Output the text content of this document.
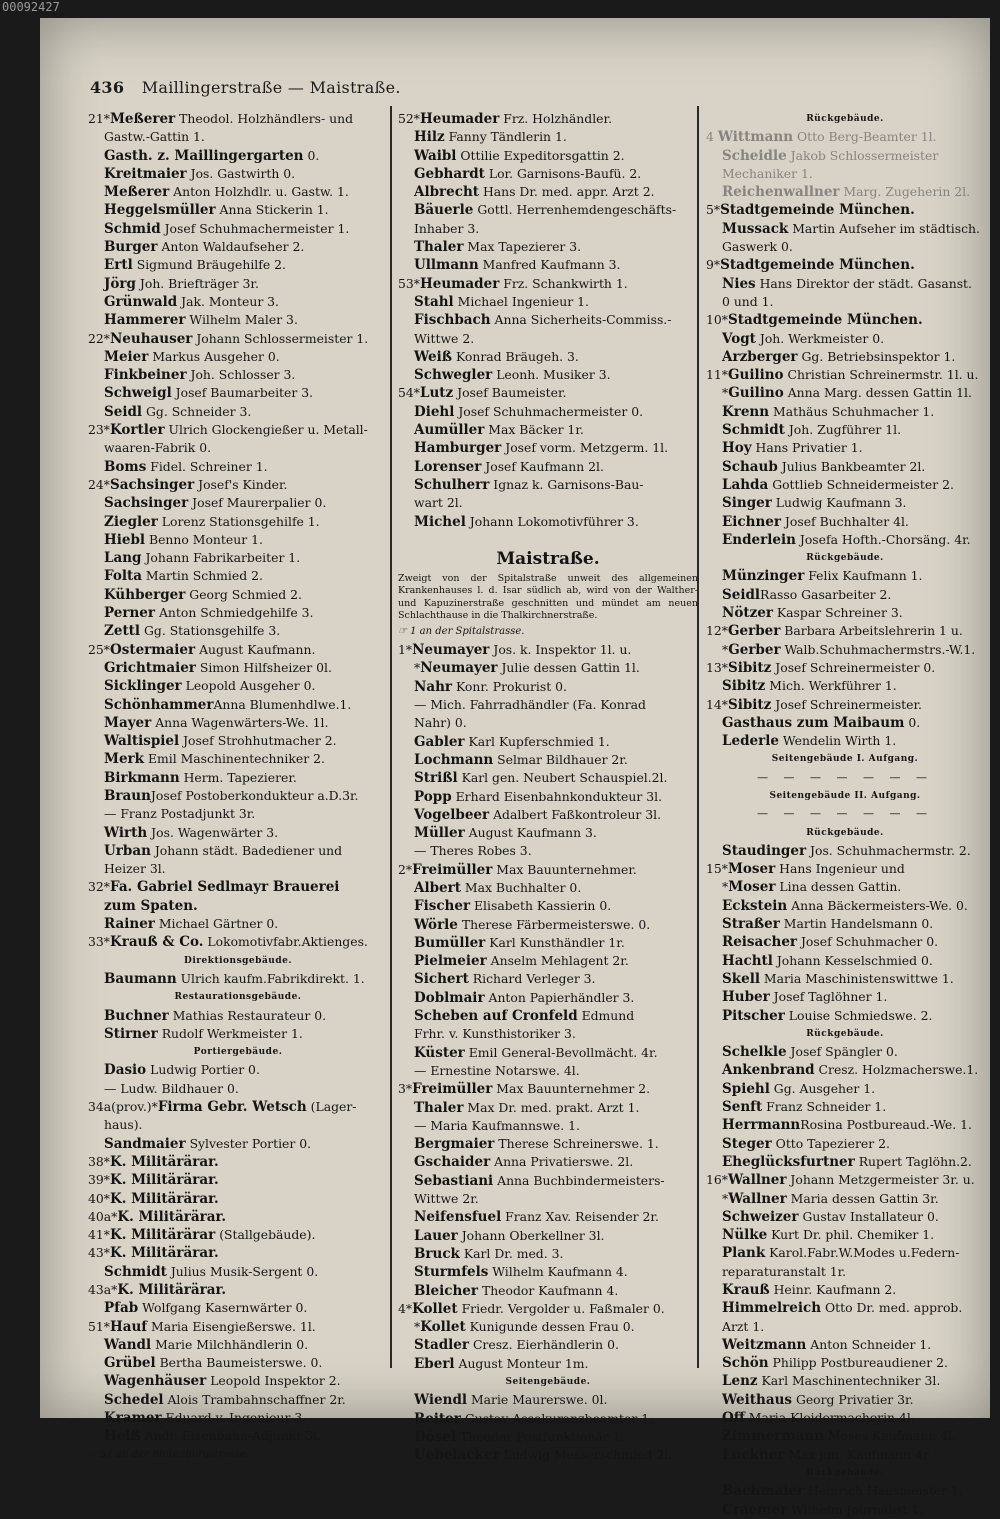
00092427
436 Maillingerstraße — Maistraße.
21*Meßerer Theodol. Holzhändlers- und
Gastw.-Gattin 1.
Gasth. z. Maillingergarten 0.
Kreitmaier Jos. Gastwirth 0.
Meßerer Anton Holzhdlr. u. Gastw. 1.
Heggelsmüller Anna Stickerin 1.
Schmid Josef Schuhmachermeister 1.
Burger Anton Waldaufseher 2.
Ertl Sigmund Bräugehilfe 2.
Jörg Joh. Briefträger 3r.
Grünwald Jak. Monteur 3.
Hammerer Wilhelm Maler 3.
22*Neuhauser Johann Schlossermeister 1.
Meier Markus Ausgeher 0.
Finkbeiner Joh. Schlosser 3.
Schweigl Josef Baumarbeiter 3.
Seidl Gg. Schneider 3.
23*Kortler Ulrich Glockengießer u. Metall-
waaren-Fabrik 0.
Boms Fidel. Schreiner 1.
24*Sachsinger Josef's Kinder.
Sachsinger Josef Maurerpalier 0.
Ziegler Lorenz Stationsgehilfe 1.
Hiebl Benno Monteur 1.
Lang Johann Fabrikarbeiter 1.
Folta Martin Schmied 2.
Kühberger Georg Schmied 2.
Perner Anton Schmiedgehilfe 3.
Zettl Gg. Stationsgehilfe 3.
25*Ostermaier August Kaufmann.
Grichtmaier Simon Hilfsheizer 0l.
Sicklinger Leopold Ausgeher 0.
SchönhammerAnna Blumenhdlwe.1.
Mayer Anna Wagenwärters-We. 1l.
Waltispiel Josef Strohhutmacher 2.
Merk Emil Maschinentechniker 2.
Birkmann Herm. Tapezierer.
BraunJosef Postoberkondukteur a.D.3r.
— Franz Postadjunkt 3r.
Wirth Jos. Wagenwärter 3.
Urban Johann städt. Badediener und
Heizer 3l.
32*Fa. Gabriel Sedlmayr Brauerei
zum Spaten.
Rainer Michael Gärtner 0.
33*Krauß & Co. Lokomotivfabr.Aktienges.
Direktionsgebäude.
Baumann Ulrich kaufm.Fabrikdirekt. 1.
Restaurationsgebäude.
Buchner Mathias Restaurateur 0.
Stirner Rudolf Werkmeister 1.
Portiergebäude.
Dasio Ludwig Portier 0.
— Ludw. Bildhauer 0.
34a(prov.)*Firma Gebr. Wetsch (Lager-
haus).
Sandmaier Sylvester Portier 0.
38*K. Militärärar.
39*K. Militärärar.
40*K. Militärärar.
40a*K. Militärärar.
41*K. Militärärar (Stallgebäude).
43*K. Militärärar.
Schmidt Julius Musik-Sergent 0.
43a*K. Militärärar.
Pfab Wolfgang Kasernwärter 0.
51*Hauf Maria Eisengießerswe. 1l.
Wandl Marie Milchhändlerin 0.
Grübel Bertha Baumeisterswe. 0.
Wagenhäuser Leopold Inspektor 2.
Schedel Alois Trambahnschaffner 2r.
Kramer Eduard v. Ingenieur 3.
Heiß Andr. Eisenbahn-Adjunkt 3l.
☞ 51 an der Blutenburgstrasse.
52*Heumader Frz. Holzhändler.
Hilz Fanny Tändlerin 1.
Waibl Ottilie Expeditorsgattin 2.
Gebhardt Lor. Garnisons-Baufü. 2.
Albrecht Hans Dr. med. appr. Arzt 2.
Bäuerle Gottl. Herrenhemdengeschäfts-
Inhaber 3.
Thaler Max Tapezierer 3.
Ullmann Manfred Kaufmann 3.
53*Heumader Frz. Schankwirth 1.
Stahl Michael Ingenieur 1.
Fischbach Anna Sicherheits-Commiss.-
Wittwe 2.
Weiß Konrad Bräugeh. 3.
Schwegler Leonh. Musiker 3.
54*Lutz Josef Baumeister.
Diehl Josef Schuhmachermeister 0.
Aumüller Max Bäcker 1r.
Hamburger Josef vorm. Metzgerm. 1l.
Lorenser Josef Kaufmann 2l.
Schulherr Ignaz k. Garnisons-Bau-
wart 2l.
Michel Johann Lokomotivführer 3.
Maistraße.
Zweigt von der Spitalstraße unweit des allgemeinen Krankenhauses l. d. Isar südlich ab, wird von der Walther- und Kapuzinerstraße geschnitten und mündet am neuen Schlachthause in die Thalkirchnerstraße.
☞ 1 an der Spitalstrasse.
1*Neumayer Jos. k. Inspektor 1l. u.
*Neumayer Julie dessen Gattin 1l.
Nahr Konr. Prokurist 0.
— Mich. Fahrradhändler (Fa. Konrad
Nahr) 0.
Gabler Karl Kupferschmied 1.
Lochmann Selmar Bildhauer 2r.
Strißl Karl gen. Neubert Schauspiel.2l.
Popp Erhard Eisenbahnkondukteur 3l.
Vogelbeer Adalbert Faßkontroleur 3l.
Müller August Kaufmann 3.
— Theres Robes 3.
2*Freimüller Max Bauunternehmer.
Albert Max Buchhalter 0.
Fischer Elisabeth Kassierin 0.
Wörle Therese Färbermeisterswe. 0.
Bumüller Karl Kunsthändler 1r.
Pielmeier Anselm Mehlagent 2r.
Sichert Richard Verleger 3.
Doblmair Anton Papierhändler 3.
Scheben auf Cronfeld Edmund
Frhr. v. Kunsthistoriker 3.
Küster Emil General-Bevollmächt. 4r.
— Ernestine Notarswe. 4l.
3*Freimüller Max Bauunternehmer 2.
Thaler Max Dr. med. prakt. Arzt 1.
— Maria Kaufmannswe. 1.
Bergmaier Therese Schreinerswe. 1.
Gschaider Anna Privatierswe. 2l.
Sebastiani Anna Buchbindermeisters-
Wittwe 2r.
Neifensfuel Franz Xav. Reisender 2r.
Lauer Johann Oberkellner 3l.
Bruck Karl Dr. med. 3.
Sturmfels Wilhelm Kaufmann 4.
Bleicher Theodor Kaufmann 4.
4*Kollet Friedr. Vergolder u. Faßmaler 0.
*Kollet Kunigunde dessen Frau 0.
Stadler Cresz. Eierhändlerin 0.
Eberl August Monteur 1m.
Seitengebäude.
Wiendl Marie Maurerswe. 0l.
Reiter Gustav Assekuranzbeamter 1.
Dösel Theodor Postfunktionär 1.
Uebelacker Ludwig Messerschmied 2l.
Rückgebäude.
4 Wittmann Otto Berg-Beamter 1l.
Scheidle Jakob Schlossermeister
Mechaniker 1.
Reichenwallner Marg. Zugeherin 2l.
5*Stadtgemeinde München.
Mussack Martin Aufseher im städtisch.
Gaswerk 0.
9*Stadtgemeinde München.
Nies Hans Direktor der städt. Gasanst.
0 und 1.
10*Stadtgemeinde München.
Vogt Joh. Werkmeister 0.
Arzberger Gg. Betriebsinspektor 1.
11*Guilino Christian Schreinermstr. 1l. u.
*Guilino Anna Marg. dessen Gattin 1l.
Krenn Mathäus Schuhmacher 1.
Schmidt Joh. Zugführer 1l.
Hoy Hans Privatier 1.
Schaub Julius Bankbeamter 2l.
Lahda Gottlieb Schneidermeister 2.
Singer Ludwig Kaufmann 3.
Eichner Josef Buchhalter 4l.
Enderlein Josefa Hofth.-Chorsäng. 4r.
Rückgebäude.
Münzinger Felix Kaufmann 1.
SeidlRasso Gasarbeiter 2.
Nötzer Kaspar Schreiner 3.
12*Gerber Barbara Arbeitslehrerin 1 u.
*Gerber Walb.Schuhmachermstrs.-W.1.
13*Sibitz Josef Schreinermeister 0.
Sibitz Mich. Werkführer 1.
14*Sibitz Josef Schreinermeister.
Gasthaus zum Maibaum 0.
Lederle Wendelin Wirth 1.
Seitengebäude I. Aufgang.
— — — — — — —
Seitengebäude II. Aufgang.
— — — — — — —
Rückgebäude.
Staudinger Jos. Schuhmachermstr. 2.
15*Moser Hans Ingenieur und
*Moser Lina dessen Gattin.
Eckstein Anna Bäckermeisters-We. 0.
Straßer Martin Handelsmann 0.
Reisacher Josef Schuhmacher 0.
Hachtl Johann Kesselschmied 0.
Skell Maria Maschinistenswittwe 1.
Huber Josef Taglöhner 1.
Pitscher Louise Schmiedswe. 2.
Rückgebäude.
Schelkle Josef Spängler 0.
Ankenbrand Cresz. Holzmacherswe.1.
Spiehl Gg. Ausgeher 1.
Senft Franz Schneider 1.
HerrmannRosina Postbureaud.-We. 1.
Steger Otto Tapezierer 2.
Eheglücksfurtner Rupert Taglöhn.2.
16*Wallner Johann Metzgermeister 3r. u.
*Wallner Maria dessen Gattin 3r.
Schweizer Gustav Installateur 0.
Nülke Kurt Dr. phil. Chemiker 1.
Plank Karol.Fabr.W.Modes u.Federn-
reparaturanstalt 1r.
Krauß Heinr. Kaufmann 2.
Himmelreich Otto Dr. med. approb.
Arzt 1.
Weitzmann Anton Schneider 1.
Schön Philipp Postbureaudiener 2.
Lenz Karl Maschinentechniker 3l.
Weithaus Georg Privatier 3r.
Off Maria Kleidermacherin 4l.
Zimmermann Moses Kaufmann 4l.
Luckner Max jun. Kaufmann 4r.
Rückgebäude.
Bachmaier Heinrich Hausmeister 1.
Craemer Wilhelm Journalist 1.
